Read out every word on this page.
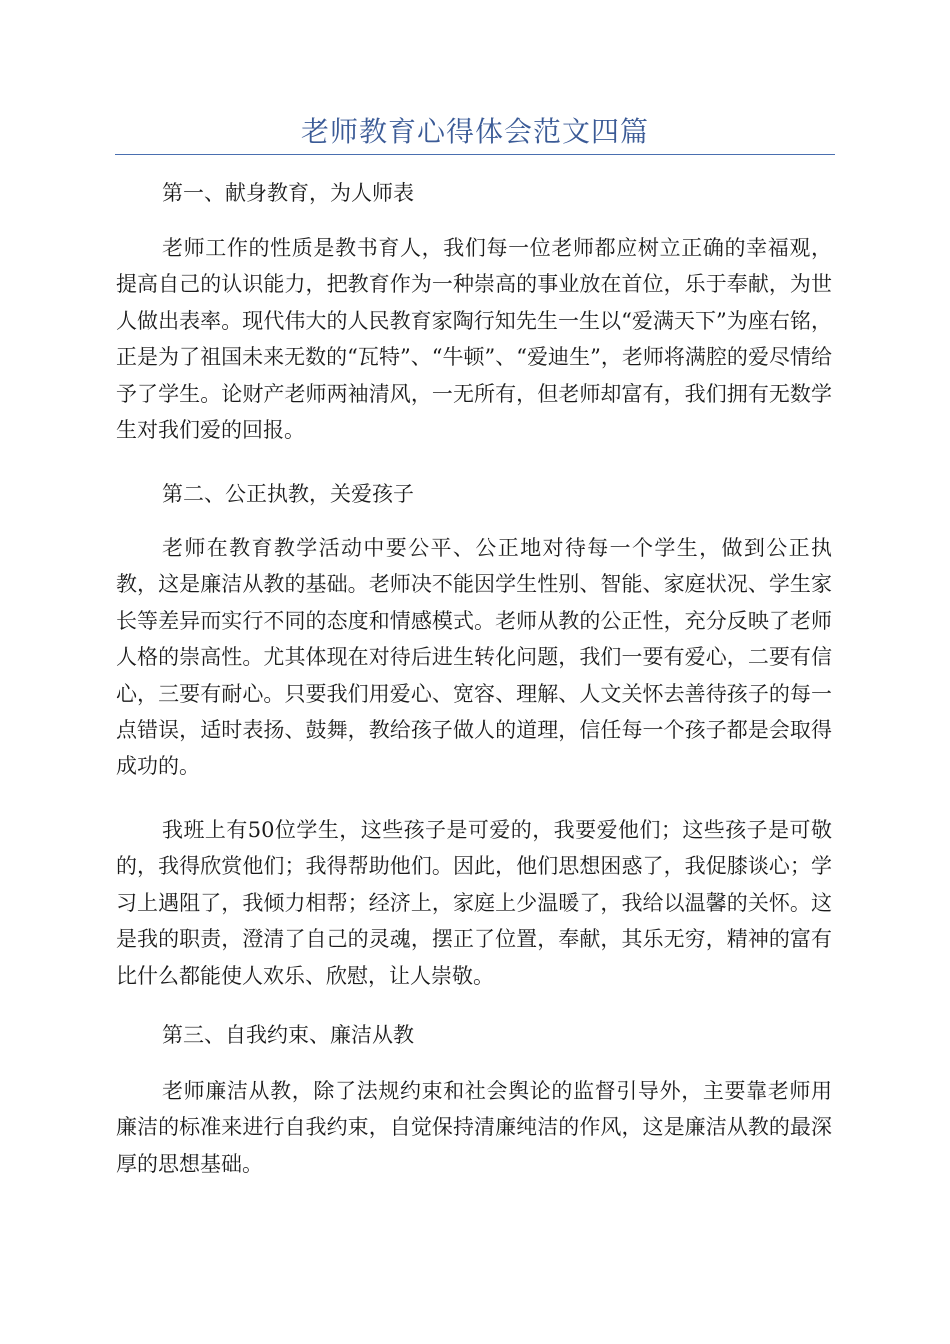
老师教育心得体会范文四篇

第一、献身教育，为人师表

老师工作的性质是教书育人，我们每一位老师都应树立正确的幸福观，提高自己的认识能力，把教育作为一种崇高的事业放在首位，乐于奉献，为世人做出表率。现代伟大的人民教育家陶行知先生一生以“爱满天下”为座右铭，正是为了祖国未来无数的“瓦特”、“牛顿”、“爱迪生”，老师将满腔的爱尽情给予了学生。论财产老师两袖清风，一无所有，但老师却富有，我们拥有无数学生对我们爱的回报。

第二、公正执教，关爱孩子

老师在教育教学活动中要公平、公正地对待每一个学生，做到公正执教，这是廉洁从教的基础。老师决不能因学生性别、智能、家庭状况、学生家长等差异而实行不同的态度和情感模式。老师从教的公正性，充分反映了老师人格的崇高性。尤其体现在对待后进生转化问题，我们一要有爱心，二要有信心，三要有耐心。只要我们用爱心、宽容、理解、人文关怀去善待孩子的每一点错误，适时表扬、鼓舞，教给孩子做人的道理，信任每一个孩子都是会取得成功的。

我班上有50位学生，这些孩子是可爱的，我要爱他们；这些孩子是可敬的，我得欣赏他们；我得帮助他们。因此，他们思想困惑了，我促膝谈心；学习上遇阻了，我倾力相帮；经济上，家庭上少温暖了，我给以温馨的关怀。这是我的职责，澄清了自己的灵魂，摆正了位置，奉献，其乐无穷，精神的富有比什么都能使人欢乐、欣慰，让人崇敬。

第三、自我约束、廉洁从教

老师廉洁从教，除了法规约束和社会舆论的监督引导外，主要靠老师用廉洁的标准来进行自我约束，自觉保持清廉纯洁的作风，这是廉洁从教的最深厚的思想基础。
